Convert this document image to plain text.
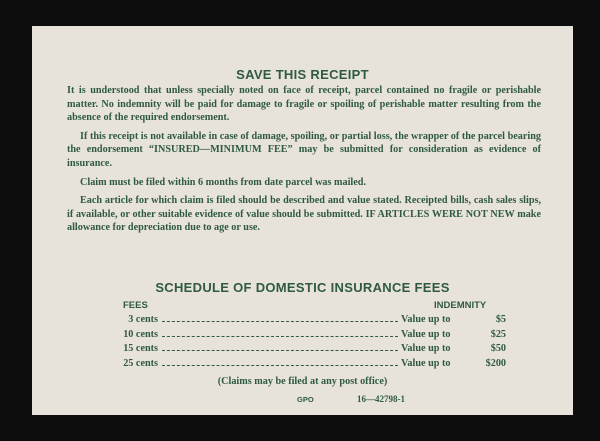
SAVE THIS RECEIPT

It is understood that unless specially noted on face of receipt, parcel contained no fragile or perishable matter. No indemnity will be paid for damage to fragile or spoiling of perishable matter resulting from the absence of the required endorsement.

If this receipt is not available in case of damage, spoiling, or partial loss, the wrapper of the parcel bearing the endorsement “INSURED—MINIMUM FEE” may be submitted for consideration as evidence of insurance.

Claim must be filed within 6 months from date parcel was mailed.

Each article for which claim is filed should be described and value stated. Receipted bills, cash sales slips, if available, or other suitable evidence of value should be submitted. IF ARTICLES WERE NOT NEW make allowance for depreciation due to age or use.

SCHEDULE OF DOMESTIC INSURANCE FEES
FEES	INDEMNITY
3 cents	Value up to	$5
10 cents	Value up to	$25
15 cents	Value up to	$50
25 cents	Value up to	$200
(Claims may be filed at any post office)
GPO	16—42798-1
